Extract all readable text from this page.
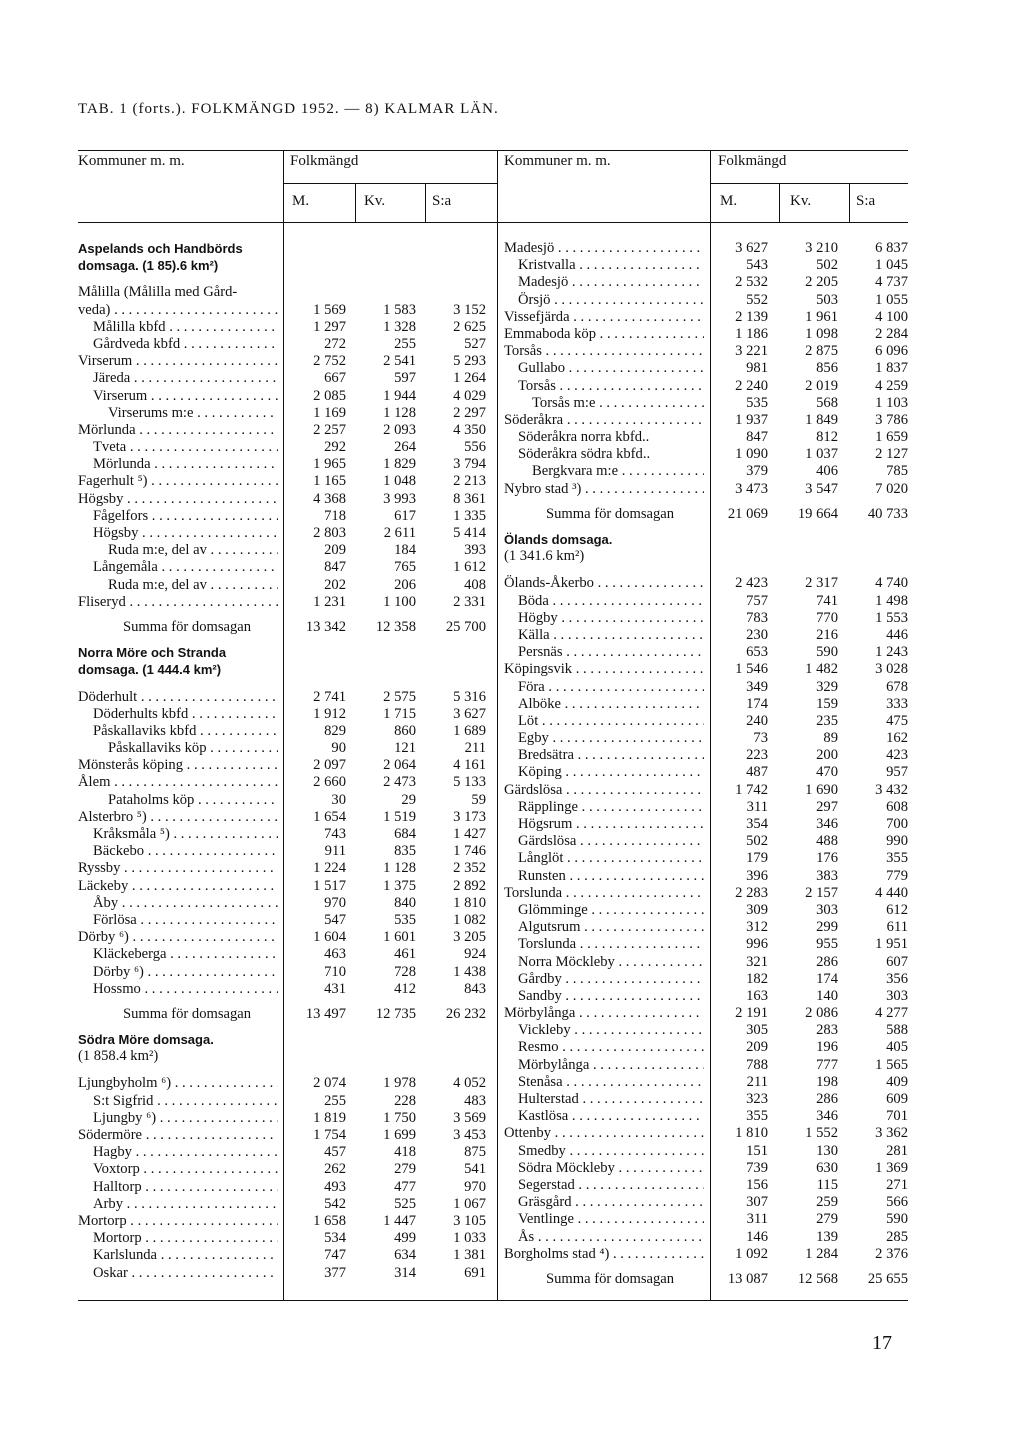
TAB. 1 (forts.). FOLKMÄNGD 1952. — 8) KALMAR LÄN.
Kommuner m. m.	Folkmängd
M.	Kv.	S:a
Kommuner m. m.	Folkmängd
M.	Kv.	S:a
Aspelands och Handbörds
domsaga. (1 85).6 km²)
Målilla (Målilla med Gård-
veda) . . .	1 569	1 583	3 152
Målilla kbfd . . .	1 297	1 328	2 625
Gårdveda kbfd . . .	272	255	527
Virserum . . .	2 752	2 541	5 293
Järeda . . .	667	597	1 264
Virserum . . .	2 085	1 944	4 029
Virserums m:e . . .	1 169	1 128	2 297
Mörlunda . . .	2 257	2 093	4 350
Tveta . . .	292	264	556
Mörlunda . . .	1 965	1 829	3 794
Fagerhult ⁵) . . .	1 165	1 048	2 213
Högsby . . .	4 368	3 993	8 361
Fågelfors . . .	718	617	1 335
Högsby . . .	2 803	2 611	5 414
Ruda m:e, del av . . .	209	184	393
Långemåla . . .	847	765	1 612
Ruda m:e, del av . . .	202	206	408
Fliseryd . . .	1 231	1 100	2 331
Summa för domsagan	13 342	12 358	25 700
Norra Möre och Stranda
domsaga. (1 444.4 km²)
Döderhult . . .	2 741	2 575	5 316
Döderhults kbfd . . .	1 912	1 715	3 627
Påskallaviks kbfd . . .	829	860	1 689
Påskallaviks köp . . .	90	121	211
Mönsterås köping . . .	2 097	2 064	4 161
Ålem . . .	2 660	2 473	5 133
Pataholms köp . . .	30	29	59
Alsterbro ⁵) . . .	1 654	1 519	3 173
Kråksmåla ⁵) . . .	743	684	1 427
Bäckebo . . .	911	835	1 746
Ryssby . . .	1 224	1 128	2 352
Läckeby . . .	1 517	1 375	2 892
Åby . . .	970	840	1 810
Förlösa . . .	547	535	1 082
Dörby ⁶) . . .	1 604	1 601	3 205
Kläckeberga . . .	463	461	924
Dörby ⁶) . . .	710	728	1 438
Hossmo . . .	431	412	843
Summa för domsagan	13 497	12 735	26 232
Södra Möre domsaga.
(1 858.4 km²)
Ljungbyholm ⁶) . . .	2 074	1 978	4 052
S:t Sigfrid . . .	255	228	483
Ljungby ⁶) . . .	1 819	1 750	3 569
Södermöre . . .	1 754	1 699	3 453
Hagby . . .	457	418	875
Voxtorp . . .	262	279	541
Halltorp . . .	493	477	970
Arby . . .	542	525	1 067
Mortorp . . .	1 658	1 447	3 105
Mortorp . . .	534	499	1 033
Karlslunda . . .	747	634	1 381
Oskar . . .	377	314	691
Madesjö . . .	3 627	3 210	6 837
Kristvalla . . .	543	502	1 045
Madesjö . . .	2 532	2 205	4 737
Örsjö . . .	552	503	1 055
Vissefjärda . . .	2 139	1 961	4 100
Emmaboda köp . . .	1 186	1 098	2 284
Torsås . . .	3 221	2 875	6 096
Gullabo . . .	981	856	1 837
Torsås . . .	2 240	2 019	4 259
Torsås m:e . . .	535	568	1 103
Söderåkra . . .	1 937	1 849	3 786
Söderåkra norra kbfd..	847	812	1 659
Söderåkra södra kbfd..	1 090	1 037	2 127
Bergkvara m:e . . .	379	406	785
Nybro stad ³) . . .	3 473	3 547	7 020
Summa för domsagan	21 069	19 664	40 733
Ölands domsaga.
(1 341.6 km²)
Ölands-Åkerbo . . .	2 423	2 317	4 740
Böda . . .	757	741	1 498
Högby . . .	783	770	1 553
Källa . . .	230	216	446
Persnäs . . .	653	590	1 243
Köpingsvik . . .	1 546	1 482	3 028
Föra . . .	349	329	678
Alböke . . .	174	159	333
Löt . . .	240	235	475
Egby . . .	73	89	162
Bredsätra . . .	223	200	423
Köping . . .	487	470	957
Gärdslösa . . .	1 742	1 690	3 432
Räpplinge . . .	311	297	608
Högsrum . . .	354	346	700
Gärdslösa . . .	502	488	990
Långlöt . . .	179	176	355
Runsten . . .	396	383	779
Torslunda . . .	2 283	2 157	4 440
Glömminge . . .	309	303	612
Algutsrum . . .	312	299	611
Torslunda . . .	996	955	1 951
Norra Möckleby . . .	321	286	607
Gårdby . . .	182	174	356
Sandby . . .	163	140	303
Mörbylånga . . .	2 191	2 086	4 277
Vickleby . . .	305	283	588
Resmo . . .	209	196	405
Mörbylånga . . .	788	777	1 565
Stenåsa . . .	211	198	409
Hulterstad . . .	323	286	609
Kastlösa . . .	355	346	701
Ottenby . . .	1 810	1 552	3 362
Smedby . . .	151	130	281
Södra Möckleby . . .	739	630	1 369
Segerstad . . .	156	115	271
Gräsgård . . .	307	259	566
Ventlinge . . .	311	279	590
Ås . . .	146	139	285
Borgholms stad ⁴) . . .	1 092	1 284	2 376
Summa för domsagan	13 087	12 568	25 655
17
